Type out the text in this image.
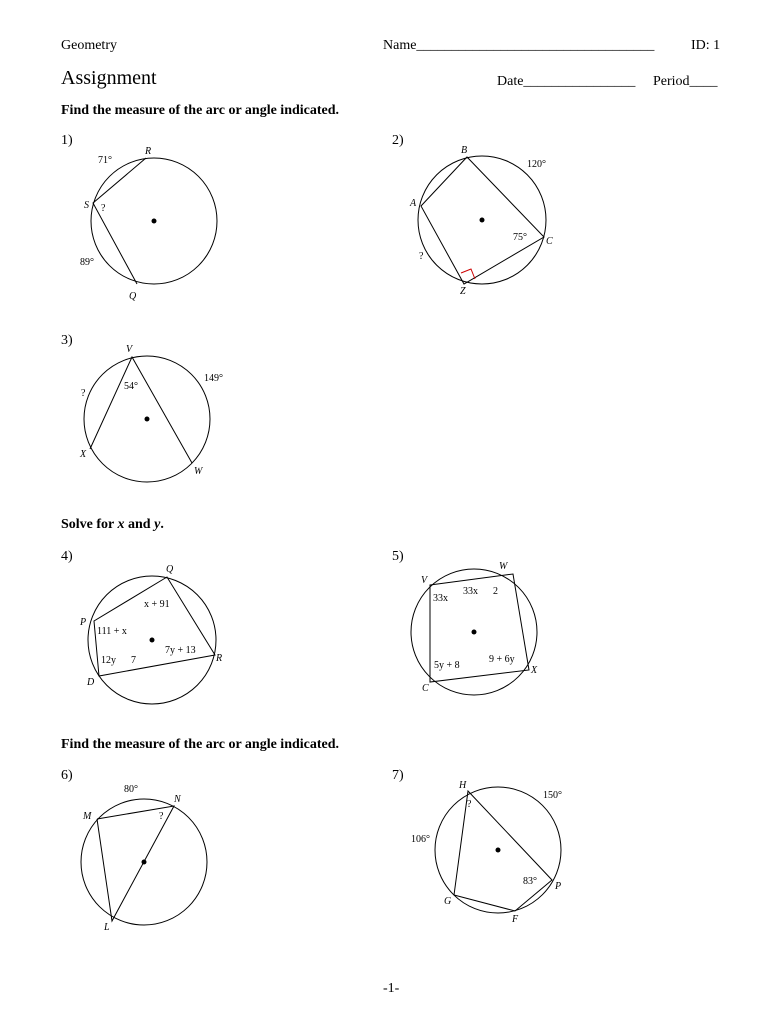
Geometry	Name__________________________________	ID: 1
Assignment	Date________________ Period____
Find the measure of the arc or angle indicated.
1)
R
S
Q
71°
89°
?
2)
B
A
C
Z
120°
75°
?
3)
V
X
W
54°
149°
?
Solve for x and y.
4)
Q
P
R
D
x + 91
111 + x
12y 7
7y + 13
5)
W
V
X
C
33x
33x 2
5y + 8
9 + 6y
Find the measure of the arc or angle indicated.
6)
M
N
L
80°
?
7)
H
G
F
P
150°
106°
83°
?
-1-
